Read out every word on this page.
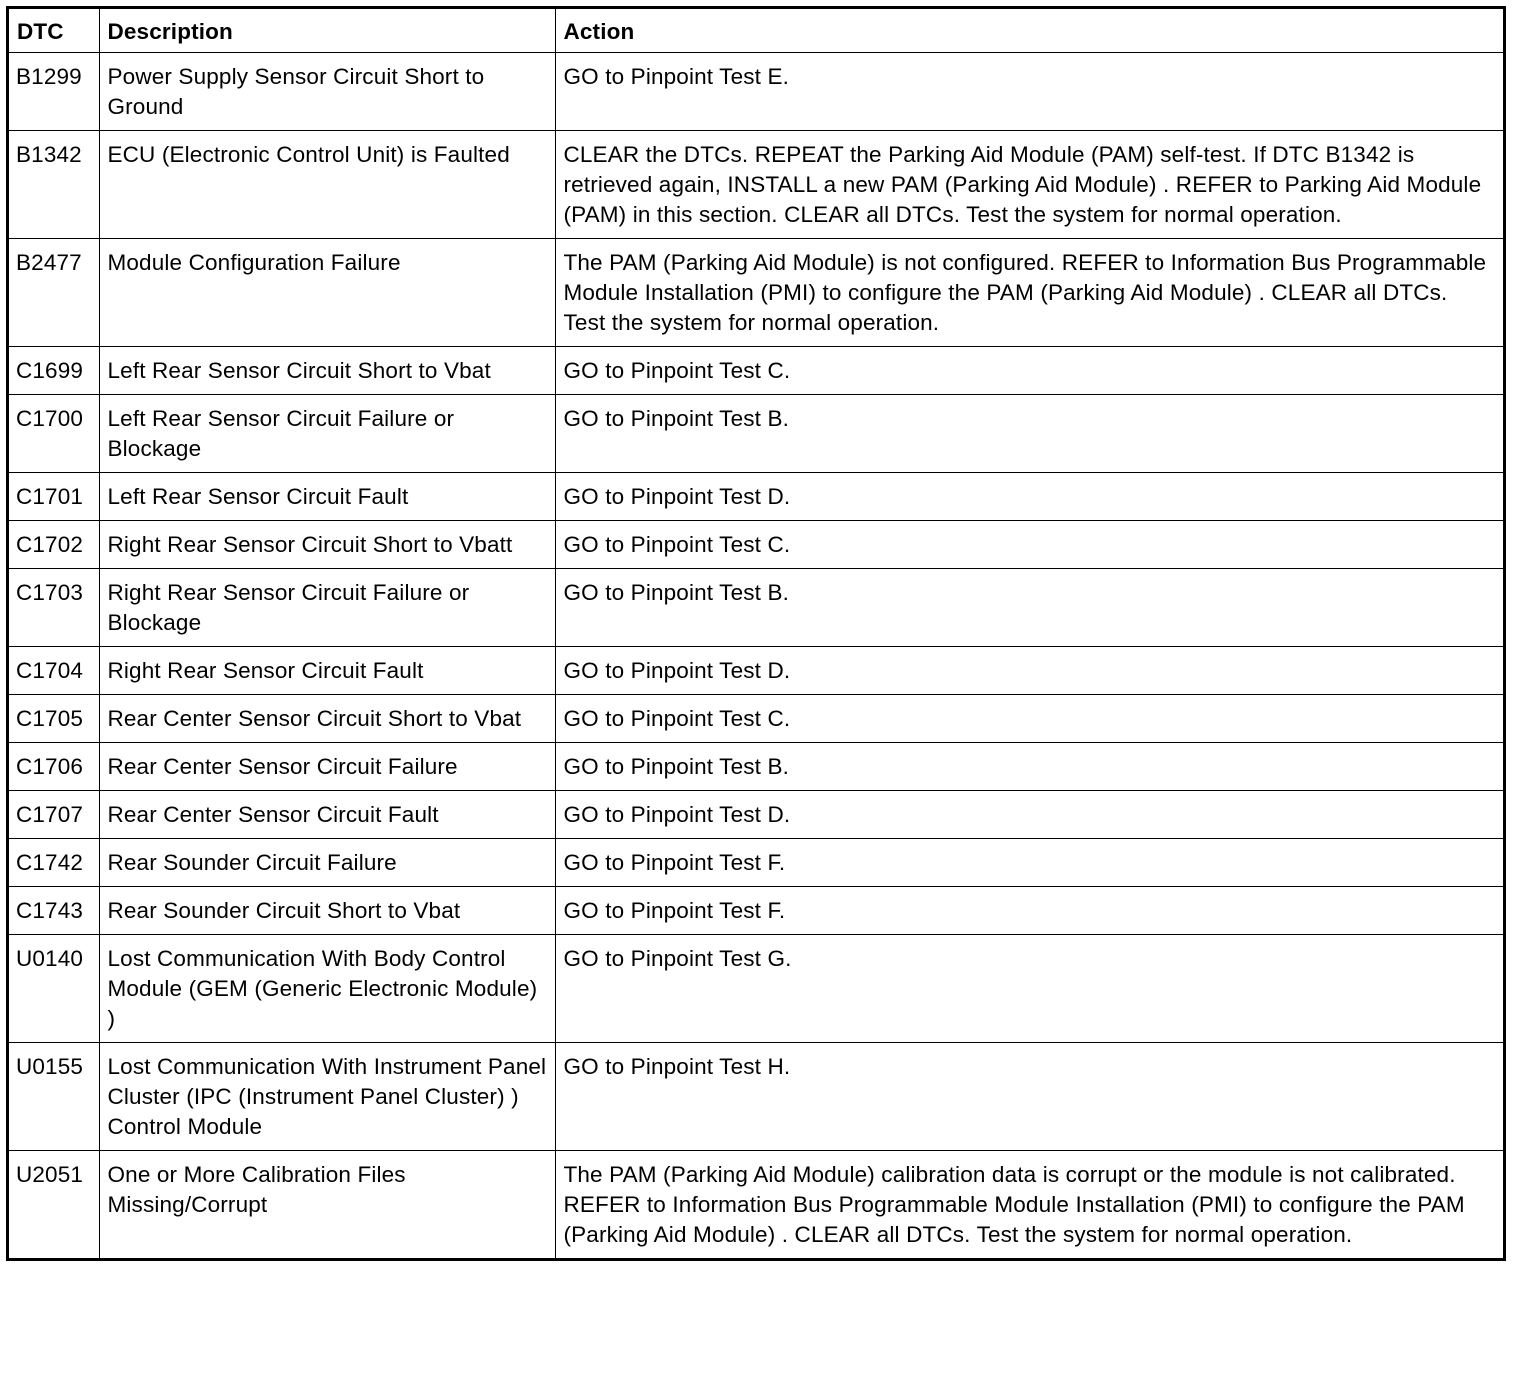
DTC	Description	Action
B1299	Power Supply Sensor Circuit Short to Ground	GO to Pinpoint Test E.
B1342	ECU (Electronic Control Unit) is Faulted	CLEAR the DTCs. REPEAT the Parking Aid Module (PAM) self-test. If DTC B1342 is retrieved again, INSTALL a new PAM (Parking Aid Module) . REFER to Parking Aid Module (PAM) in this section. CLEAR all DTCs. Test the system for normal operation.
B2477	Module Configuration Failure	The PAM (Parking Aid Module) is not configured. REFER to Information Bus Programmable Module Installation (PMI) to configure the PAM (Parking Aid Module) . CLEAR all DTCs. Test the system for normal operation.
C1699	Left Rear Sensor Circuit Short to Vbat	GO to Pinpoint Test C.
C1700	Left Rear Sensor Circuit Failure or Blockage	GO to Pinpoint Test B.
C1701	Left Rear Sensor Circuit Fault	GO to Pinpoint Test D.
C1702	Right Rear Sensor Circuit Short to Vbatt	GO to Pinpoint Test C.
C1703	Right Rear Sensor Circuit Failure or Blockage	GO to Pinpoint Test B.
C1704	Right Rear Sensor Circuit Fault	GO to Pinpoint Test D.
C1705	Rear Center Sensor Circuit Short to Vbat	GO to Pinpoint Test C.
C1706	Rear Center Sensor Circuit Failure	GO to Pinpoint Test B.
C1707	Rear Center Sensor Circuit Fault	GO to Pinpoint Test D.
C1742	Rear Sounder Circuit Failure	GO to Pinpoint Test F.
C1743	Rear Sounder Circuit Short to Vbat	GO to Pinpoint Test F.
U0140	Lost Communication With Body Control Module (GEM (Generic Electronic Module) )	GO to Pinpoint Test G.
U0155	Lost Communication With Instrument Panel Cluster (IPC (Instrument Panel Cluster) ) Control Module	GO to Pinpoint Test H.
U2051	One or More Calibration Files Missing/Corrupt	The PAM (Parking Aid Module) calibration data is corrupt or the module is not calibrated. REFER to Information Bus Programmable Module Installation (PMI) to configure the PAM (Parking Aid Module) . CLEAR all DTCs. Test the system for normal operation.
